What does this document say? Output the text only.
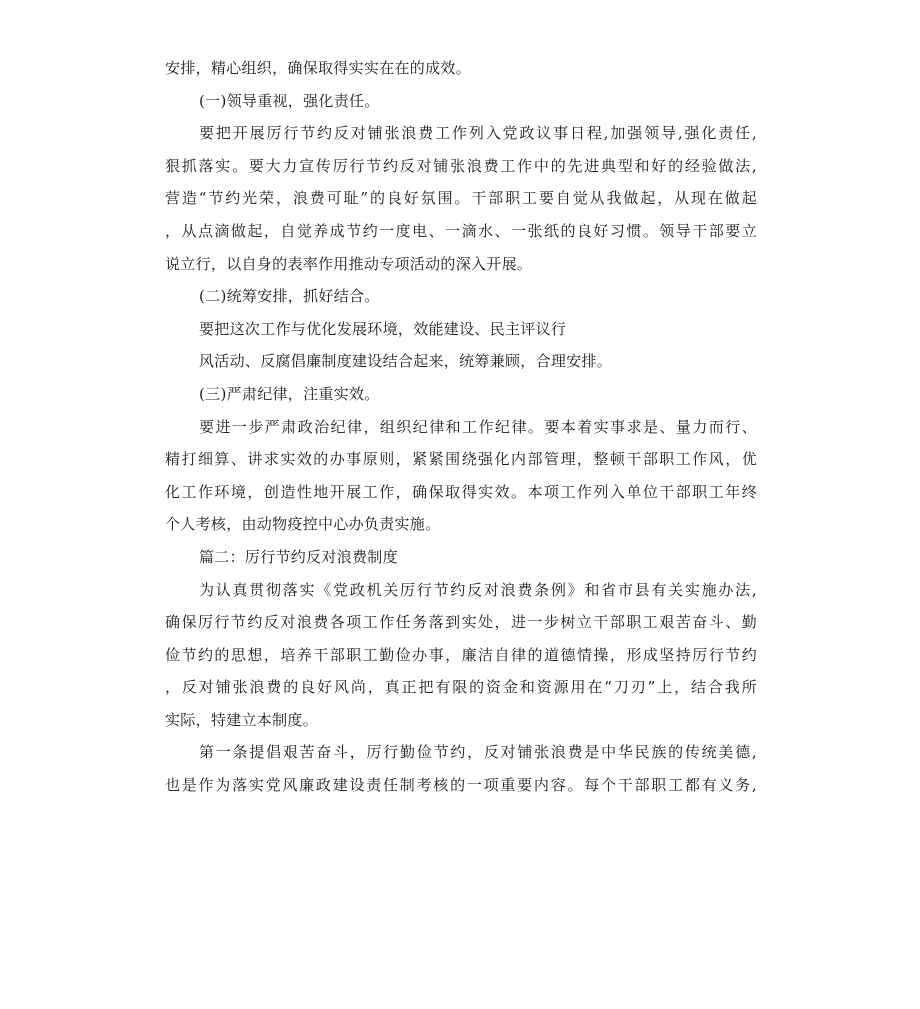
安排，精心组织，确保取得实实在在的成效。
(一)领导重视，强化责任。
要把开展厉行节约反对铺张浪费工作列入党政议事日程,加强领导,强化责任,
狠抓落实。要大力宣传厉行节约反对铺张浪费工作中的先进典型和好的经验做法,
营造“节约光荣，浪费可耻”的良好氛围。干部职工要自觉从我做起，从现在做起
，从点滴做起，自觉养成节约一度电、一滴水、一张纸的良好习惯。领导干部要立
说立行，以自身的表率作用推动专项活动的深入开展。
(二)统筹安排，抓好结合。
要把这次工作与优化发展环境，效能建设、民主评议行
风活动、反腐倡廉制度建设结合起来，统筹兼顾，合理安排。
(三)严肃纪律，注重实效。
要进一步严肃政治纪律，组织纪律和工作纪律。要本着实事求是、量力而行、
精打细算、讲求实效的办事原则，紧紧围绕强化内部管理，整顿干部职工作风，优
化工作环境，创造性地开展工作，确保取得实效。本项工作列入单位干部职工年终
个人考核，由动物疫控中心办负责实施。
篇二：厉行节约反对浪费制度
为认真贯彻落实《党政机关厉行节约反对浪费条例》和省市县有关实施办法,
确保厉行节约反对浪费各项工作任务落到实处，进一步树立干部职工艰苦奋斗、勤
俭节约的思想，培养干部职工勤俭办事，廉洁自律的道德情操，形成坚持厉行节约
，反对铺张浪费的良好风尚，真正把有限的资金和资源用在“刀刃”上，结合我所
实际，特建立本制度。
第一条提倡艰苦奋斗，厉行勤俭节约，反对铺张浪费是中华民族的传统美德,
也是作为落实党风廉政建设责任制考核的一项重要内容。每个干部职工都有义务,
